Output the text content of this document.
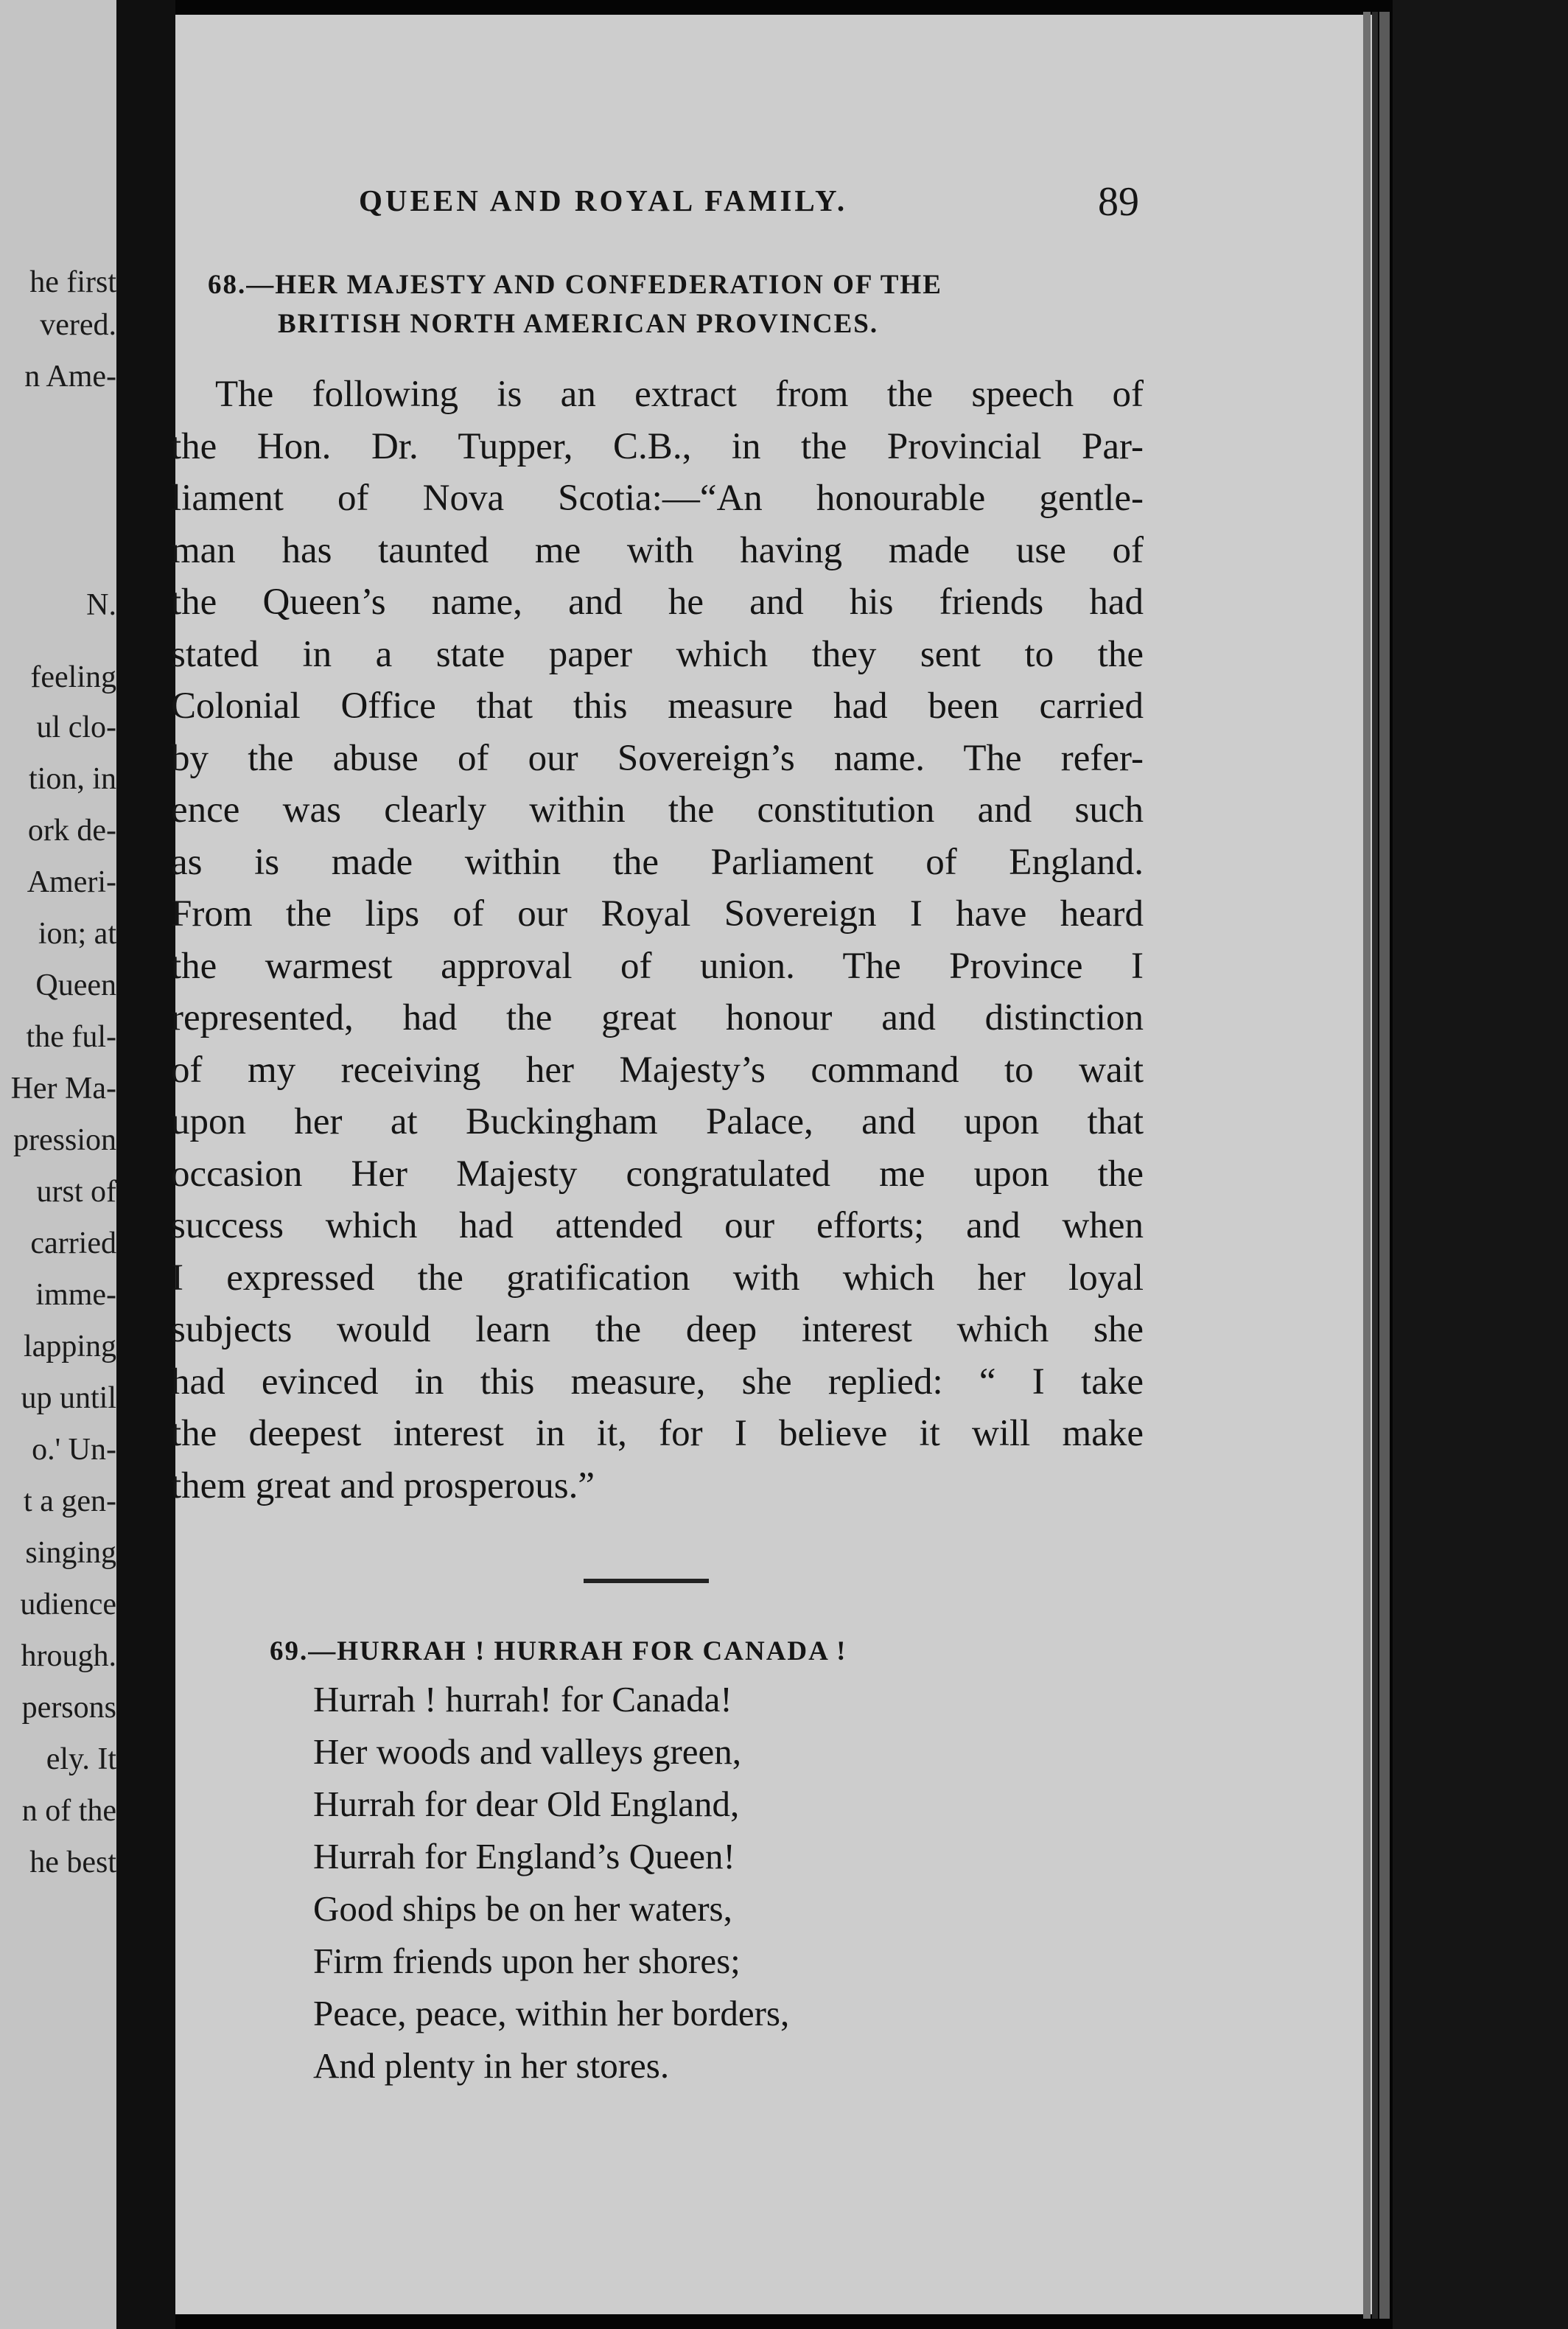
he first
vered.
n Ame-
N.
feeling
ul clo-
tion, in
ork de-
Ameri-
ion; at
Queen
the ful-
Her Ma-
pression
urst of
carried
imme-
lapping
up until
o.' Un-
t a gen-
singing
udience
hrough.
persons
ely. It
n of the
he best
QUEEN AND ROYAL FAMILY.	89
68.—HER MAJESTY AND CONFEDERATION OF THE
BRITISH NORTH AMERICAN PROVINCES.
The following is an extract from the speech of
the Hon. Dr. Tupper, C.B., in the Provincial Par-
liament of Nova Scotia:—“An honourable gentle-
man has taunted me with having made use of
the Queen’s name, and he and his friends had
stated in a state paper which they sent to the
Colonial Office that this measure had been carried
by the abuse of our Sovereign’s name. The refer-
ence was clearly within the constitution and such
as is made within the Parliament of England.
From the lips of our Royal Sovereign I have heard
the warmest approval of union. The Province I
represented, had the great honour and distinction
of my receiving her Majesty’s command to wait
upon her at Buckingham Palace, and upon that
occasion Her Majesty congratulated me upon the
success which had attended our efforts; and when
I expressed the gratification with which her loyal
subjects would learn the deep interest which she
had evinced in this measure, she replied: “ I take
the deepest interest in it, for I believe it will make
them great and prosperous.”
69.—HURRAH ! HURRAH FOR CANADA !
Hurrah ! hurrah! for Canada!
Her woods and valleys green,
Hurrah for dear Old England,
Hurrah for England’s Queen!
Good ships be on her waters,
Firm friends upon her shores;
Peace, peace, within her borders,
And plenty in her stores.
